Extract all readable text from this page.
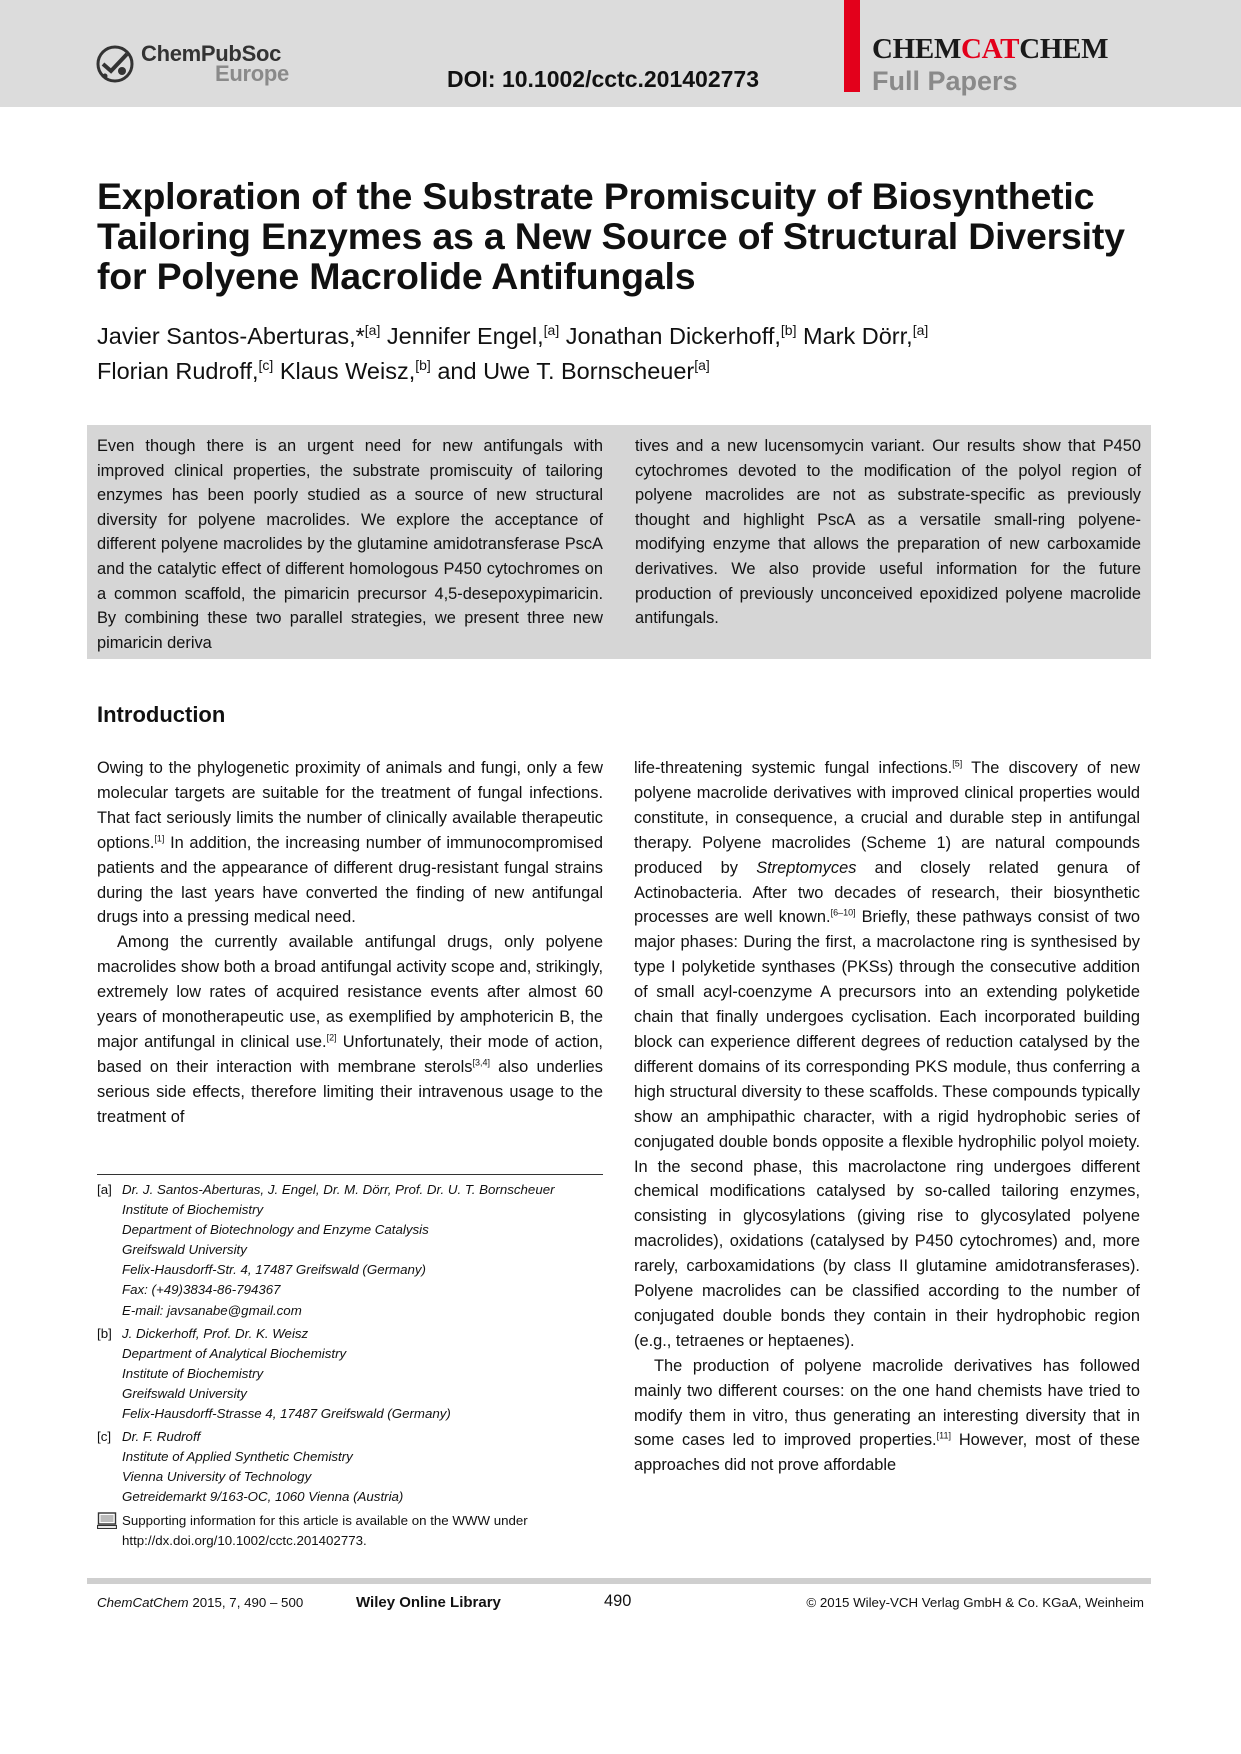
ChemPubSoc
Europe	DOI: 10.1002/cctc.201402773
CHEMCATCHEM
Full Papers
Exploration of the Substrate Promiscuity of Biosynthetic Tailoring Enzymes as a New Source of Structural Diversity for Polyene Macrolide Antifungals
Javier Santos-Aberturas,*[a] Jennifer Engel,[a] Jonathan Dickerhoff,[b] Mark Dörr,[a]
Florian Rudroff,[c] Klaus Weisz,[b] and Uwe T. Bornscheuer[a]
Even though there is an urgent need for new antifungals with improved clinical properties, the substrate promiscuity of tailoring enzymes has been poorly studied as a source of new structural diversity for polyene macrolides. We explore the acceptance of different polyene macrolides by the glutamine amidotransferase PscA and the catalytic effect of different homologous P450 cytochromes on a common scaffold, the pimaricin precursor 4,5-desepoxypimaricin. By combining these two parallel strategies, we present three new pimaricin deriva
tives and a new lucensomycin variant. Our results show that P450 cytochromes devoted to the modification of the polyol region of polyene macrolides are not as substrate-specific as previously thought and highlight PscA as a versatile small-ring polyene-modifying enzyme that allows the preparation of new carboxamide derivatives. We also provide useful information for the future production of previously unconceived epoxidized polyene macrolide antifungals.
Introduction

Owing to the phylogenetic proximity of animals and fungi, only a few molecular targets are suitable for the treatment of fungal infections. That fact seriously limits the number of clinically available therapeutic options.[1] In addition, the increasing number of immunocompromised patients and the appearance of different drug-resistant fungal strains during the last years have converted the finding of new antifungal drugs into a pressing medical need.

Among the currently available antifungal drugs, only polyene macrolides show both a broad antifungal activity scope and, strikingly, extremely low rates of acquired resistance events after almost 60 years of monotherapeutic use, as exemplified by amphotericin B, the major antifungal in clinical use.[2] Unfortunately, their mode of action, based on their interaction with membrane sterols[3,4] also underlies serious side effects, therefore limiting their intravenous usage to the treatment of

life-threatening systemic fungal infections.[5] The discovery of new polyene macrolide derivatives with improved clinical properties would constitute, in consequence, a crucial and durable step in antifungal therapy. Polyene macrolides (Scheme 1) are natural compounds produced by Streptomyces and closely related genura of Actinobacteria. After two decades of research, their biosynthetic processes are well known.[6–10] Briefly, these pathways consist of two major phases: During the first, a macrolactone ring is synthesised by type I polyketide synthases (PKSs) through the consecutive addition of small acyl-coenzyme A precursors into an extending polyketide chain that finally undergoes cyclisation. Each incorporated building block can experience different degrees of reduction catalysed by the different domains of its corresponding PKS module, thus conferring a high structural diversity to these scaffolds. These compounds typically show an amphipathic character, with a rigid hydrophobic series of conjugated double bonds opposite a flexible hydrophilic polyol moiety. In the second phase, this macrolactone ring undergoes different chemical modifications catalysed by so-called tailoring enzymes, consisting in glycosylations (giving rise to glycosylated polyene macrolides), oxidations (catalysed by P450 cytochromes) and, more rarely, carboxamidations (by class II glutamine amidotransferases). Polyene macrolides can be classified according to the number of conjugated double bonds they contain in their hydrophobic region (e.g., tetraenes or heptaenes).

The production of polyene macrolide derivatives has followed mainly two different courses: on the one hand chemists have tried to modify them in vitro, thus generating an interesting diversity that in some cases led to improved properties.[11] However, most of these approaches did not prove affordable

[a] Dr. J. Santos-Aberturas, J. Engel, Dr. M. Dörr, Prof. Dr. U. T. Bornscheuer
Institute of Biochemistry
Department of Biotechnology and Enzyme Catalysis
Greifswald University
Felix-Hausdorff-Str. 4, 17487 Greifswald (Germany)
Fax: (+49)3834-86-794367
E-mail: javsanabe@gmail.com
[b] J. Dickerhoff, Prof. Dr. K. Weisz
Department of Analytical Biochemistry
Institute of Biochemistry
Greifswald University
Felix-Hausdorff-Strasse 4, 17487 Greifswald (Germany)
[c] Dr. F. Rudroff
Institute of Applied Synthetic Chemistry
Vienna University of Technology
Getreidemarkt 9/163-OC, 1060 Vienna (Austria)
Supporting information for this article is available on the WWW under
http://dx.doi.org/10.1002/cctc.201402773.
ChemCatChem 2015, 7, 490 – 500	Wiley Online Library	490	© 2015 Wiley-VCH Verlag GmbH & Co. KGaA, Weinheim
